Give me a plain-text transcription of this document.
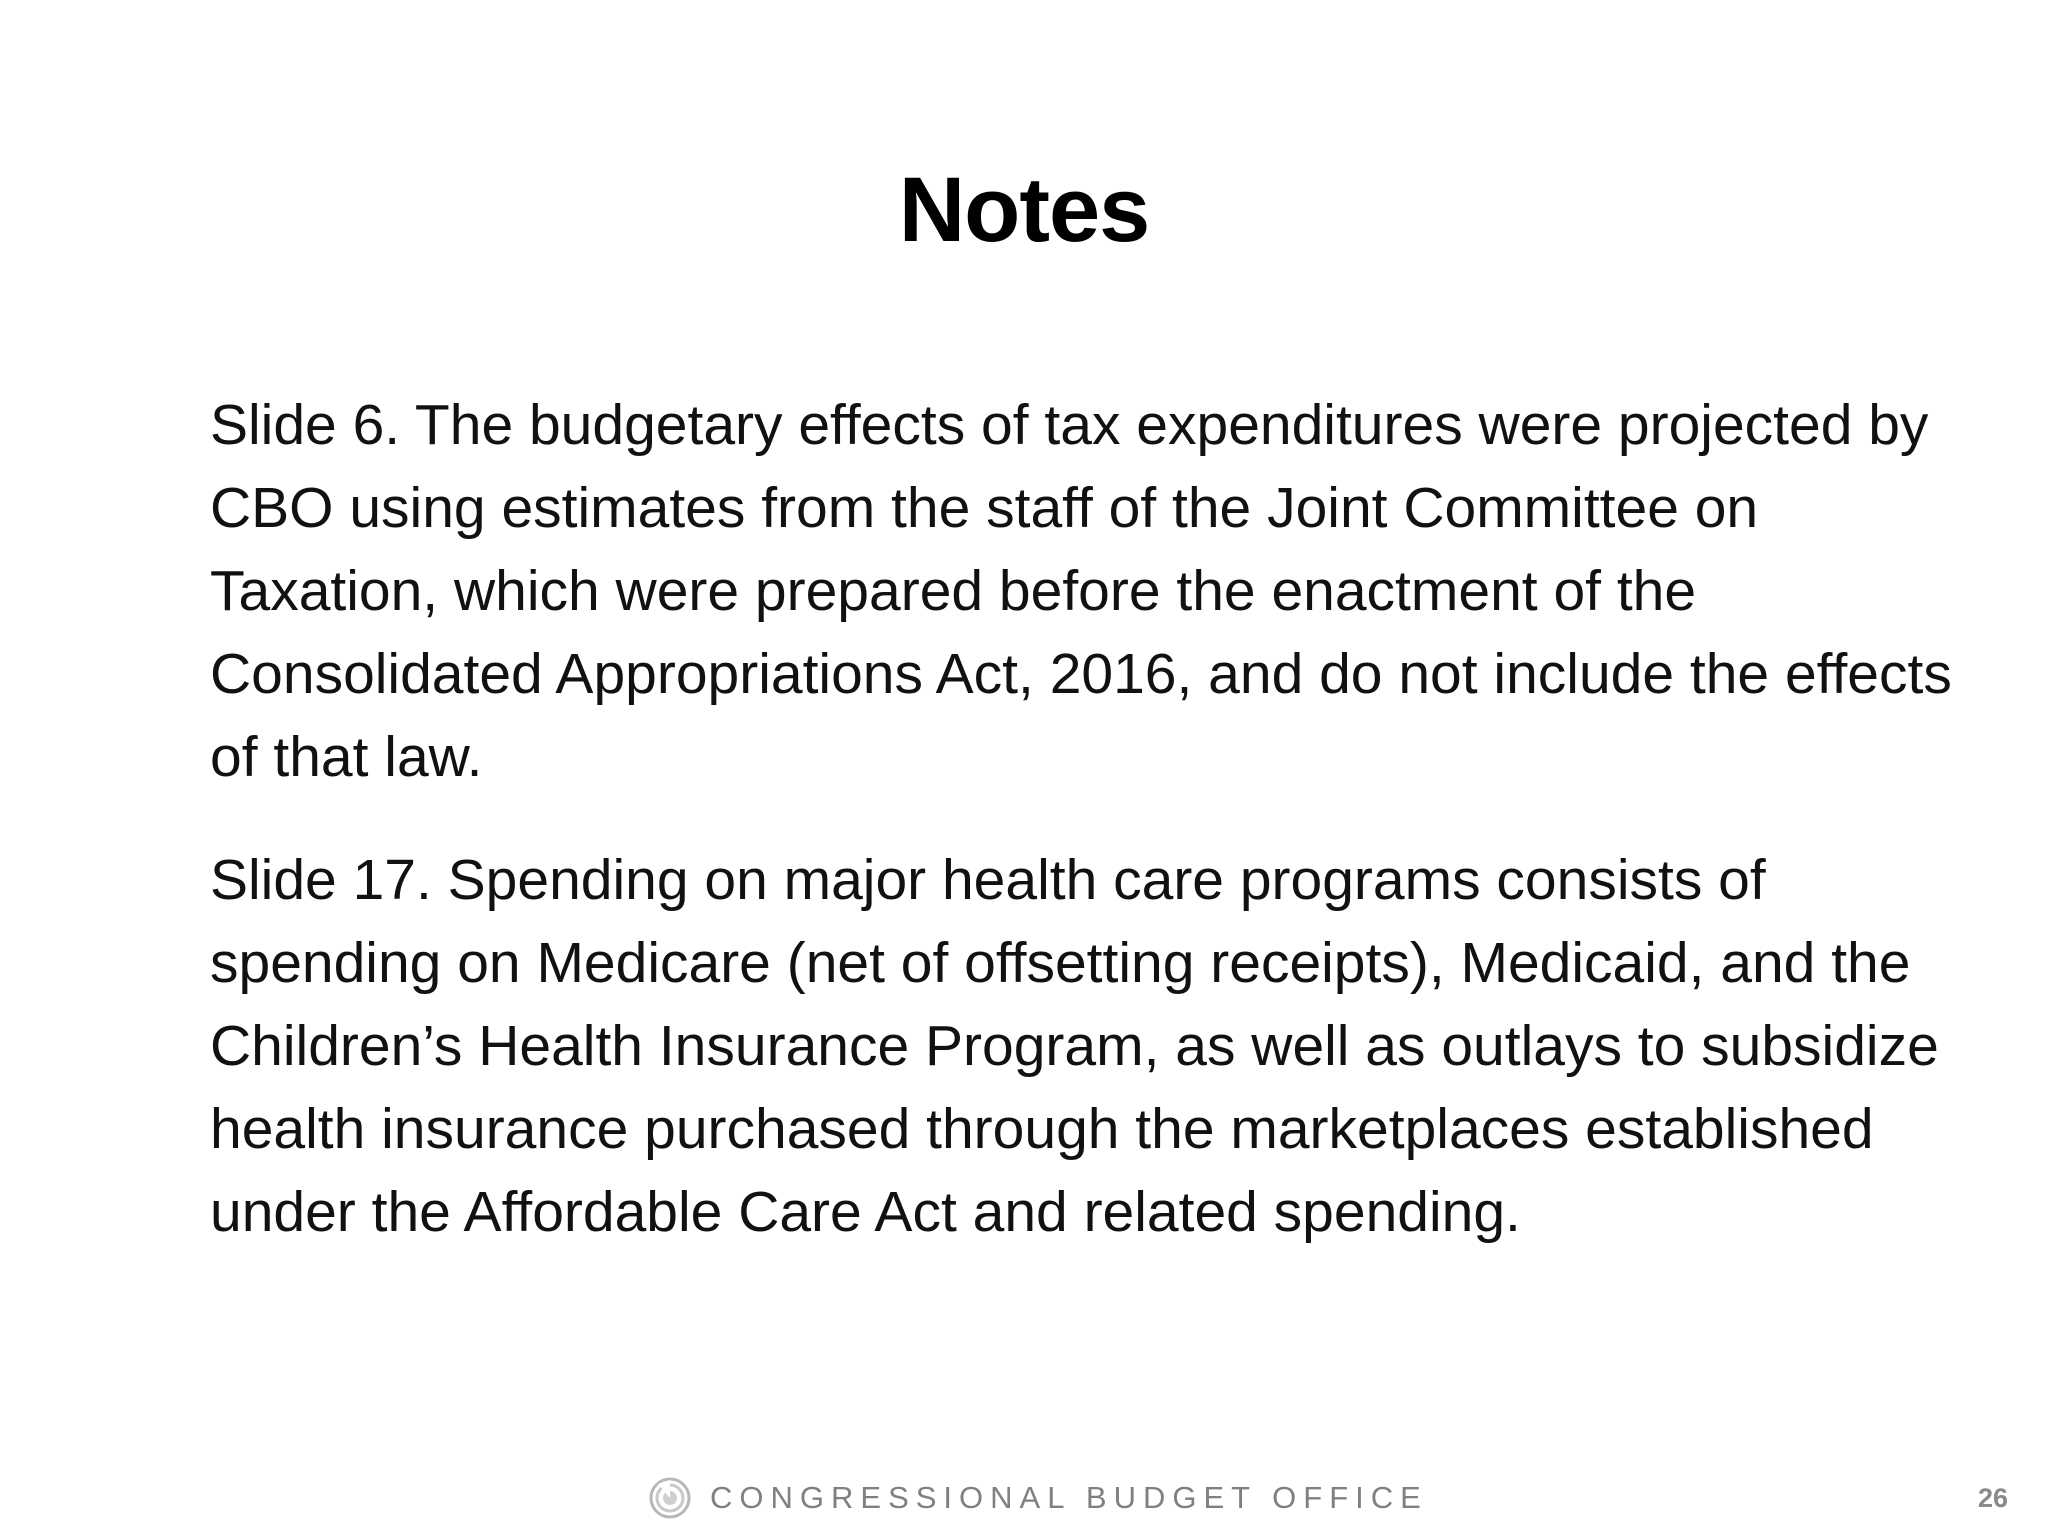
Notes

Slide 6. The budgetary effects of tax expenditures were projected by CBO using estimates from the staff of the Joint Committee on Taxation, which were prepared before the enactment of the Consolidated Appropriations Act, 2016, and do not include the effects of that law.

Slide 17. Spending on major health care programs consists of spending on Medicare (net of offsetting receipts), Medicaid, and the Children’s Health Insurance Program, as well as outlays to subsidize health insurance purchased through the marketplaces established under the Affordable Care Act and related spending.

CONGRESSIONAL BUDGET OFFICE	26
